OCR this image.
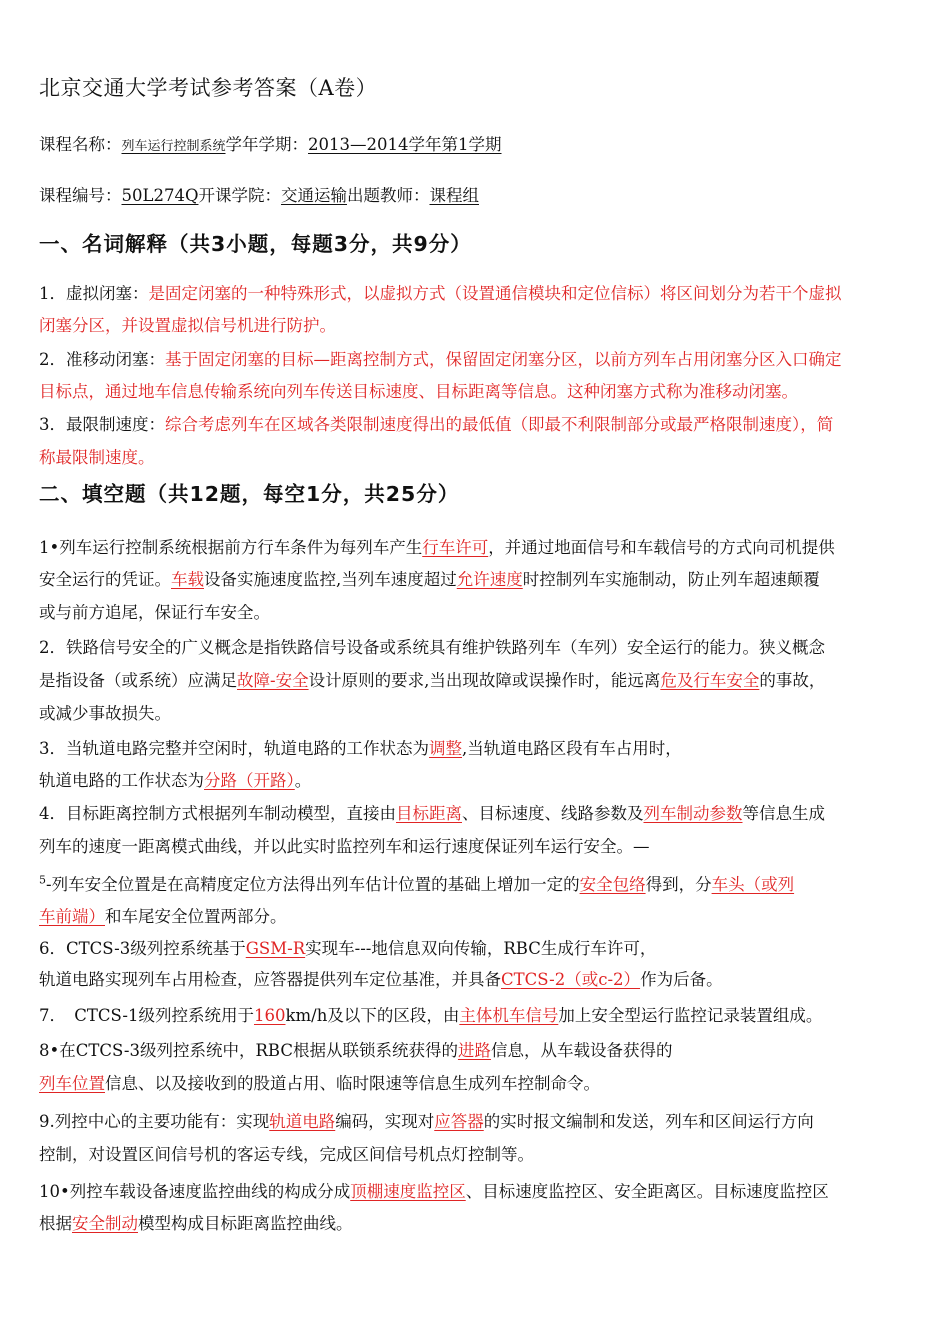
北京交通大学考试参考答案（A卷）
课程名称：列车运行控制系统学年学期：2013—2014学年第1学期
课程编号：50L274Q开课学院：交通运输出题教师：课程组
一、名词解释（共3小题，每题3分，共9分）
1．虚拟闭塞：是固定闭塞的一种特殊形式，以虚拟方式（设置通信模块和定位信标）将区间划分为若干个虚拟
闭塞分区，并设置虚拟信号机进行防护。
2．准移动闭塞：基于固定闭塞的目标—距离控制方式，保留固定闭塞分区，以前方列车占用闭塞分区入口确定
目标点，通过地车信息传输系统向列车传送目标速度、目标距离等信息。这种闭塞方式称为准移动闭塞。
3．最限制速度：综合考虑列车在区域各类限制速度得出的最低值（即最不利限制部分或最严格限制速度），简
称最限制速度。
二、填空题（共12题，每空1分，共25分）
1•列车运行控制系统根据前方行车条件为每列车产生行车许可，并通过地面信号和车载信号的方式向司机提供
安全运行的凭证。车载设备实施速度监控,当列车速度超过允许速度时控制列车实施制动，防止列车超速颠覆
或与前方追尾，保证行车安全。
2．铁路信号安全的广义概念是指铁路信号设备或系统具有维护铁路列车（车列）安全运行的能力。狭义概念
是指设备（或系统）应满足故障-安全设计原则的要求,当出现故障或误操作时，能远离危及行车安全的事故，
或减少事故损失。
3．当轨道电路完整并空闲时，轨道电路的工作状态为调整,当轨道电路区段有车占用时，
轨道电路的工作状态为分路（开路）。
4．目标距离控制方式根据列车制动模型，直接由目标距离、目标速度、线路参数及列车制动参数等信息生成
列车的速度一距离模式曲线，并以此实时监控列车和运行速度保证列车运行安全。—
$^5$-列车安全位置是在高精度定位方法得出列车估计位置的基础上增加一定的安全包络得到，分车头（或列
车前端）和车尾安全位置两部分。
6．CTCS-3级列控系统基于GSM-R实现车---地信息双向传输，RBC生成行车许可，
轨道电路实现列车占用检查，应答器提供列车定位基准，并具备CTCS-2（或c-2）作为后备。
7．　CTCS-1级列控系统用于160km/h及以下的区段，由主体机车信号加上安全型运行监控记录装置组成。
8•在CTCS-3级列控系统中，RBC根据从联锁系统获得的进路信息，从车载设备获得的
列车位置信息、以及接收到的股道占用、临时限速等信息生成列车控制命令。
9.列控中心的主要功能有：实现轨道电路编码，实现对应答器的实时报文编制和发送，列车和区间运行方向
控制，对设置区间信号机的客运专线，完成区间信号机点灯控制等。
10•列控车载设备速度监控曲线的构成分成顶棚速度监控区、目标速度监控区、安全距离区。目标速度监控区
根据安全制动模型构成目标距离监控曲线。
